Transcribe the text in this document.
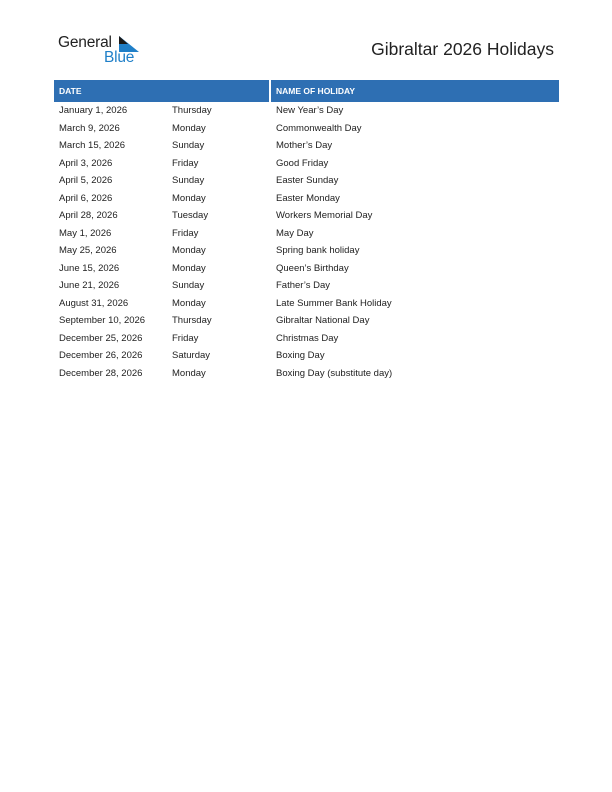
General
Blue	Gibraltar 2026 Holidays
DATE	NAME OF HOLIDAY
January 1, 2026	Thursday	New Year’s Day
March 9, 2026	Monday	Commonwealth Day
March 15, 2026	Sunday	Mother’s Day
April 3, 2026	Friday	Good Friday
April 5, 2026	Sunday	Easter Sunday
April 6, 2026	Monday	Easter Monday
April 28, 2026	Tuesday	Workers Memorial Day
May 1, 2026	Friday	May Day
May 25, 2026	Monday	Spring bank holiday
June 15, 2026	Monday	Queen’s Birthday
June 21, 2026	Sunday	Father’s Day
August 31, 2026	Monday	Late Summer Bank Holiday
September 10, 2026	Thursday	Gibraltar National Day
December 25, 2026	Friday	Christmas Day
December 26, 2026	Saturday	Boxing Day
December 28, 2026	Monday	Boxing Day (substitute day)
